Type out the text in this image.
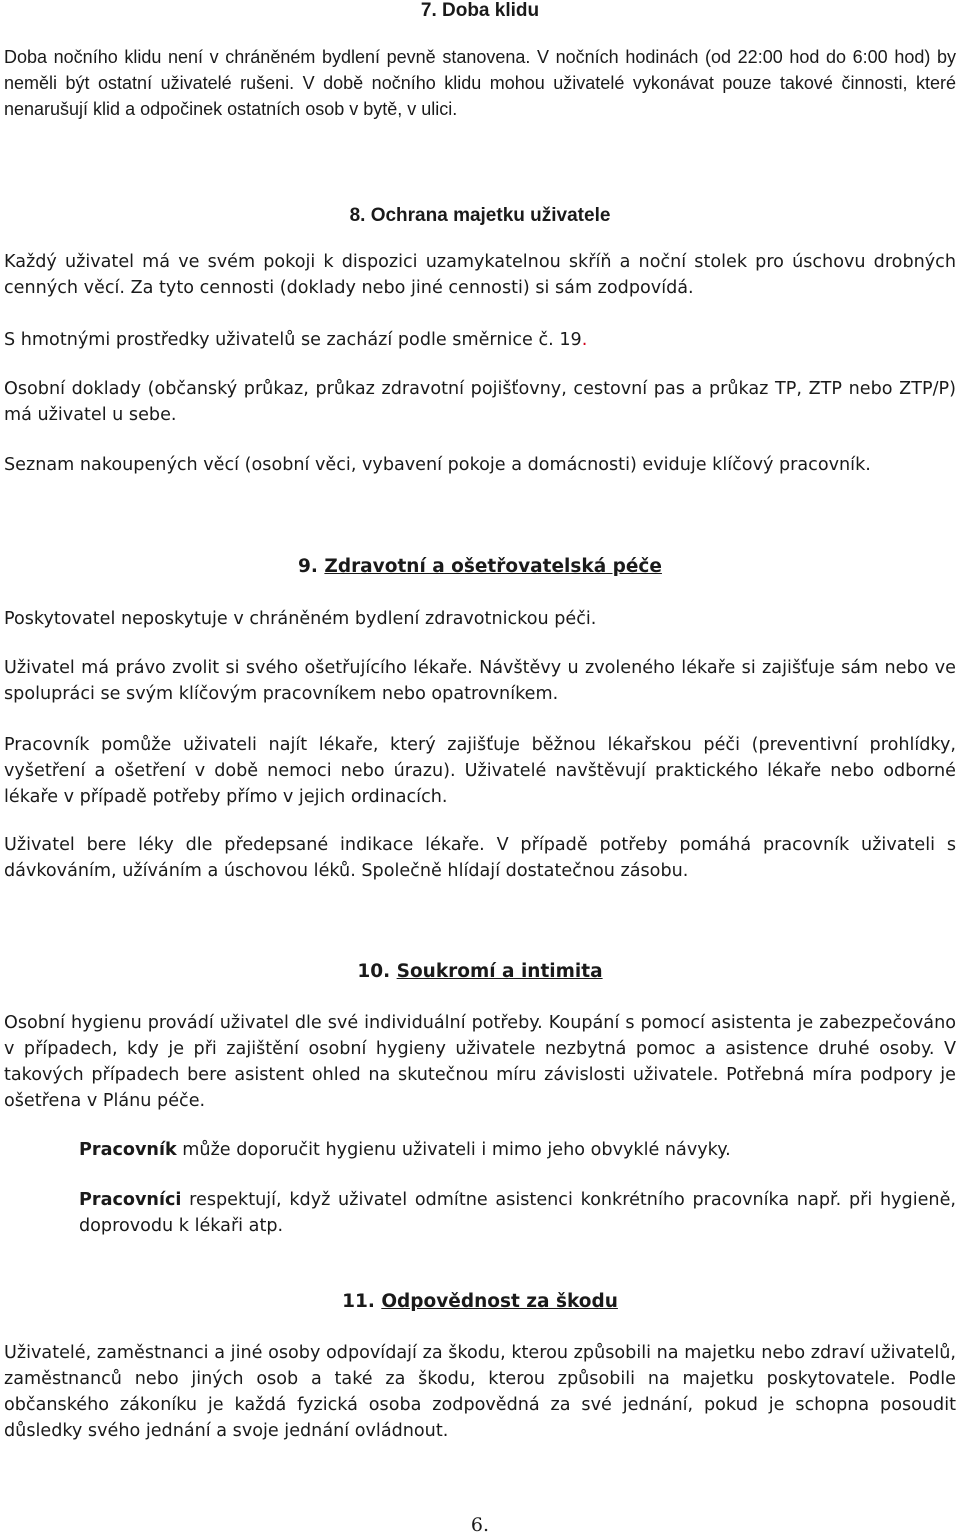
7. Doba klidu

Doba nočního klidu není v chráněném bydlení pevně stanovena. V nočních hodinách (od 22:00 hod do 6:00 hod) by neměli být ostatní uživatelé rušeni. V době nočního klidu mohou uživatelé vykonávat pouze takové činnosti, které nenarušují klid a odpočinek ostatních osob v bytě, v ulici.

8. Ochrana majetku uživatele

Každý uživatel má ve svém pokoji k dispozici uzamykatelnou skříň a noční stolek pro úschovu drobných cenných věcí. Za tyto cennosti (doklady nebo jiné cennosti) si sám zodpovídá.

S hmotnými prostředky uživatelů se zachází podle směrnice č. 19.

Osobní doklady (občanský průkaz, průkaz zdravotní pojišťovny, cestovní pas a průkaz TP, ZTP nebo ZTP/P) má uživatel u sebe.

Seznam nakoupených věcí (osobní věci, vybavení pokoje a domácnosti) eviduje klíčový pracovník.

9. Zdravotní a ošetřovatelská péče

Poskytovatel neposkytuje v chráněném bydlení zdravotnickou péči.

Uživatel má právo zvolit si svého ošetřujícího lékaře. Návštěvy u zvoleného lékaře si zajišťuje sám nebo ve spolupráci se svým klíčovým pracovníkem nebo opatrovníkem.

Pracovník pomůže uživateli najít lékaře, který zajišťuje běžnou lékařskou péči (preventivní prohlídky, vyšetření a ošetření v době nemoci nebo úrazu). Uživatelé navštěvují praktického lékaře nebo odborné lékaře v případě potřeby přímo v jejich ordinacích.

Uživatel bere léky dle předepsané indikace lékaře. V případě potřeby pomáhá pracovník uživateli s dávkováním, užíváním a úschovou léků. Společně hlídají dostatečnou zásobu.

10. Soukromí a intimita

Osobní hygienu provádí uživatel dle své individuální potřeby. Koupání s pomocí asistenta je zabezpečováno v případech, kdy je při zajištění osobní hygieny uživatele nezbytná pomoc a asistence druhé osoby. V takových případech bere asistent ohled na skutečnou míru závislosti uživatele. Potřebná míra podpory je ošetřena v Plánu péče.

Pracovník může doporučit hygienu uživateli i mimo jeho obvyklé návyky.

Pracovníci respektují, když uživatel odmítne asistenci konkrétního pracovníka např. při hygieně, doprovodu k lékaři atp.

11. Odpovědnost za škodu

Uživatelé, zaměstnanci a jiné osoby odpovídají za škodu, kterou způsobili na majetku nebo zdraví uživatelů, zaměstnanců nebo jiných osob a také za škodu, kterou způsobili na majetku poskytovatele. Podle občanského zákoníku je každá fyzická osoba zodpovědná za své jednání, pokud je schopna posoudit důsledky svého jednání a svoje jednání ovládnout.

6.
